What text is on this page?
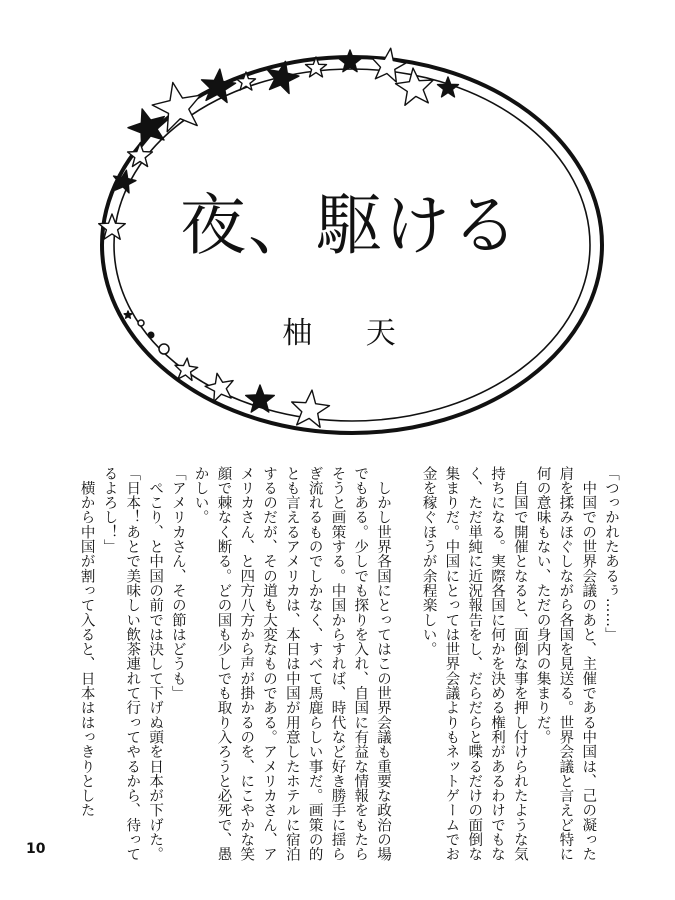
夜、駆ける
柚 天

「つっかれたあるぅ……」

　中国での世界会議のあと、主催である中国は、己の凝った肩を揉みほぐしながら各国を見送る。世界会議と言えど特に何の意味もない、ただの身内の集まりだ。

　自国で開催となると、面倒な事を押し付けられたような気持ちになる。実際各国に何かを決める権利があるわけでもなく、ただ単純に近況報告をし、だらだらと喋るだけの面倒な集まりだ。中国にとっては世界会議よりもネットゲームでお金を稼ぐほうが余程楽しい。

　しかし世界各国にとってはこの世界会議も重要な政治の場でもある。少しでも探りを入れ、自国に有益な情報をもたらそうと画策する。中国からすれば、時代など好き勝手に揺らぎ流れるものでしかなく、すべて馬鹿らしい事だ。画策の的とも言えるアメリカは、本日は中国が用意したホテルに宿泊するのだが、その道も大変なものである。アメリカさん、アメリカさん、と四方八方から声が掛かるのを、にこやかな笑顔で棘なく断る。どの国も少しでも取り入ろうと必死で、愚かしい。

「アメリカさん、その節はどうも」

　ぺこり、と中国の前では決して下げぬ頭を日本が下げた。

「日本！あとで美味しい飲茶連れて行ってやるから、待ってるよろし！」

　横から中国が割って入ると、日本ははっきりとした

10
